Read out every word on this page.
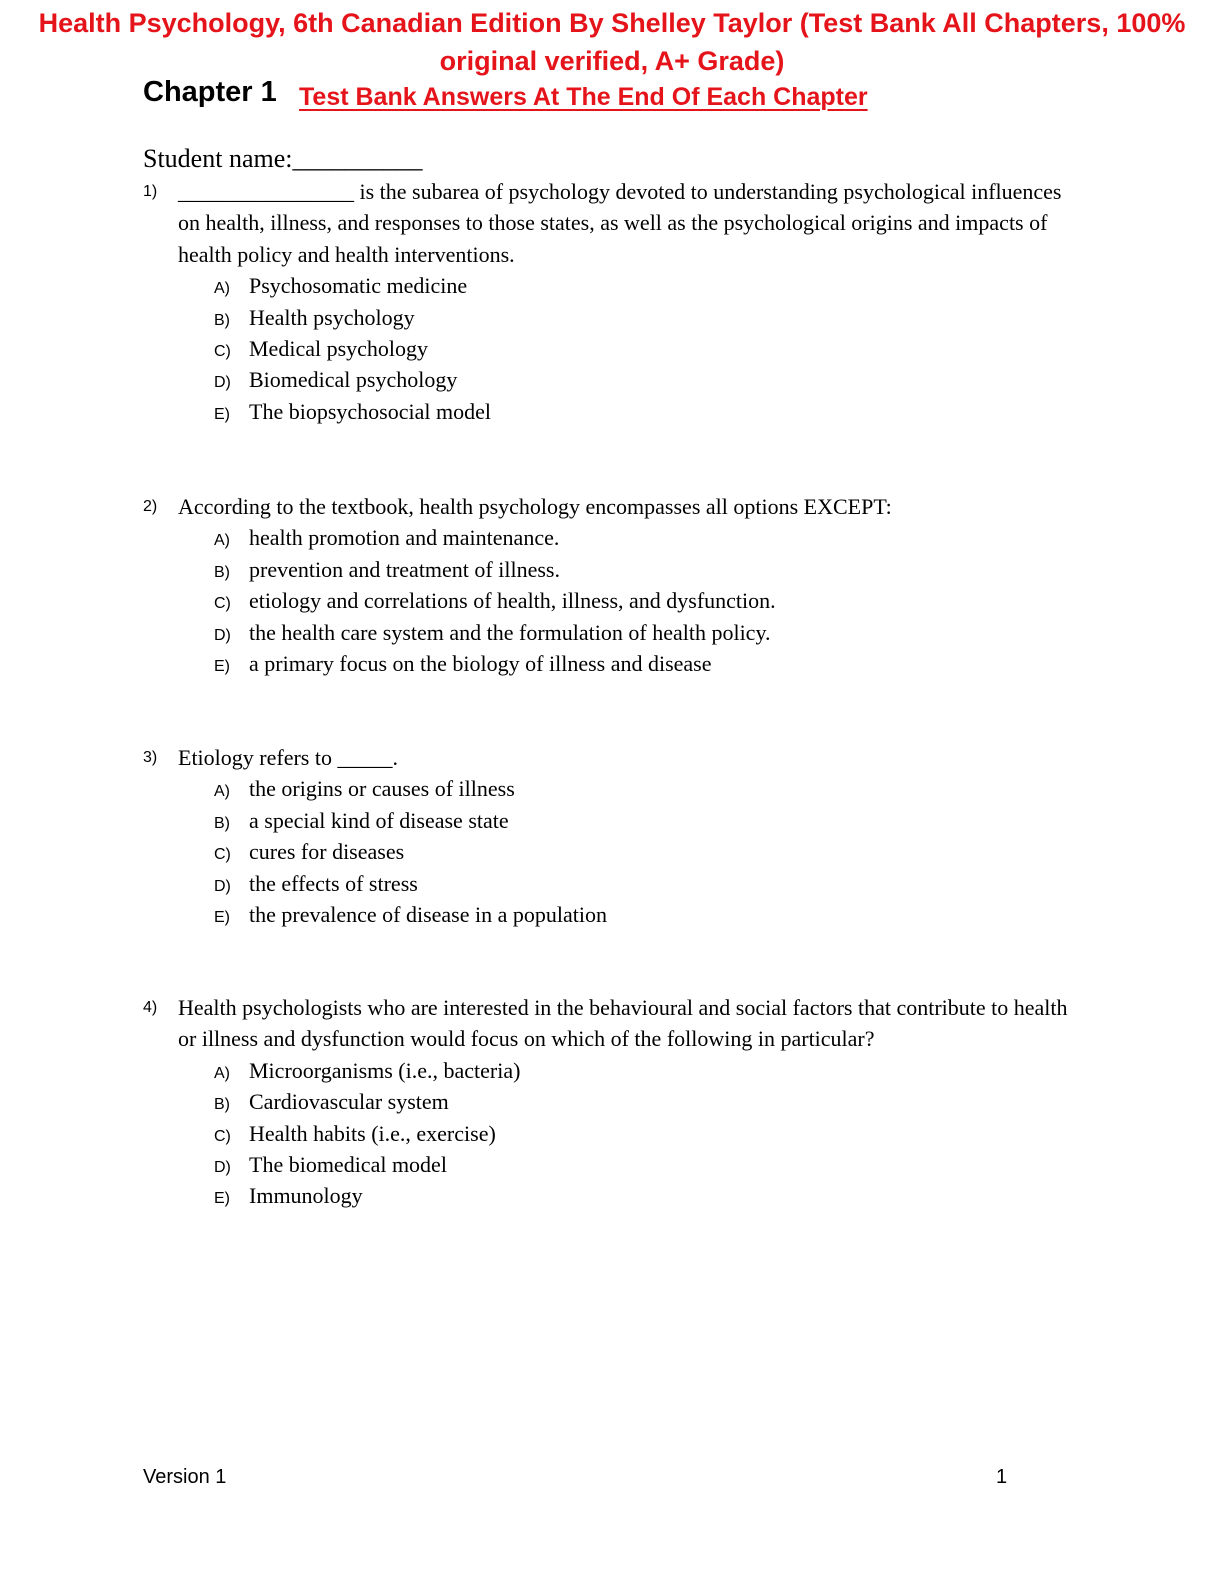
Health Psychology, 6th Canadian Edition By Shelley Taylor (Test Bank All Chapters, 100%
original verified, A+ Grade)
Chapter 1 Test Bank Answers At The End Of Each Chapter
Student name:__________
1) ________________ is the subarea of psychology devoted to understanding psychological influences on health, illness, and responses to those states, as well as the psychological origins and impacts of health policy and health interventions.
A) Psychosomatic medicine
B) Health psychology
C) Medical psychology
D) Biomedical psychology
E) The biopsychosocial model
2) According to the textbook, health psychology encompasses all options EXCEPT:
A) health promotion and maintenance.
B) prevention and treatment of illness.
C) etiology and correlations of health, illness, and dysfunction.
D) the health care system and the formulation of health policy.
E) a primary focus on the biology of illness and disease
3) Etiology refers to _____.
A) the origins or causes of illness
B) a special kind of disease state
C) cures for diseases
D) the effects of stress
E) the prevalence of disease in a population
4) Health psychologists who are interested in the behavioural and social factors that contribute to health or illness and dysfunction would focus on which of the following in particular?
A) Microorganisms (i.e., bacteria)
B) Cardiovascular system
C) Health habits (i.e., exercise)
D) The biomedical model
E) Immunology
Version 1	1
